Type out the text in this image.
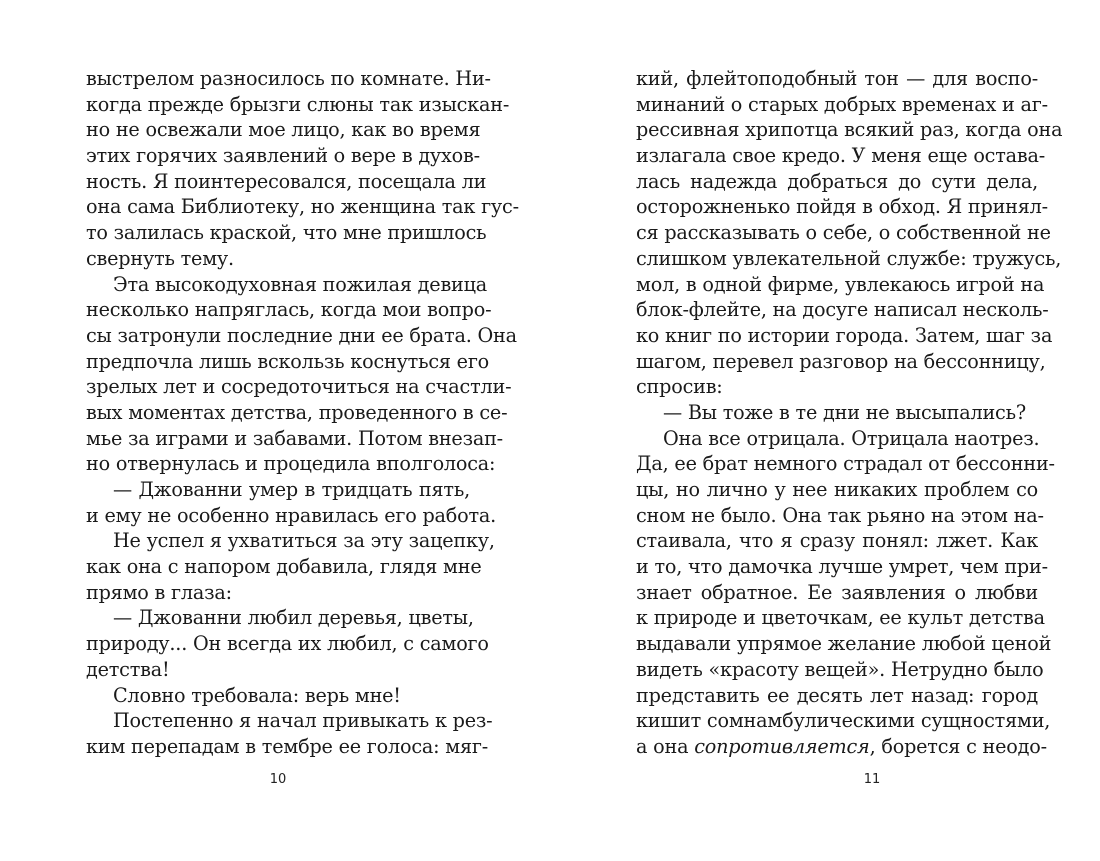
выстрелом разносилось по комнате. Ни-
когда прежде брызги слюны так изыскан-
но не освежали мое лицо, как во время
этих горячих заявлений о вере в духов-
ность. Я поинтересовался, посещала ли
она сама Библиотеку, но женщина так гус-
то залилась краской, что мне пришлось
свернуть тему.
Эта высокодуховная пожилая девица
несколько напряглась, когда мои вопро-
сы затронули последние дни ее брата. Она
предпочла лишь вскользь коснуться его
зрелых лет и сосредоточиться на счастли-
вых моментах детства, проведенного в се-
мье за играми и забавами. Потом внезап-
но отвернулась и процедила вполголоса:
— Джованни умер в тридцать пять,
и ему не особенно нравилась его работа.
Не успел я ухватиться за эту зацепку,
как она с напором добавила, глядя мне
прямо в глаза:
— Джованни любил деревья, цветы,
природу... Он всегда их любил, с самого
детства!
Словно требовала: верь мне!
Постепенно я начал привыкать к рез-
ким перепадам в тембре ее голоса: мяг-
10
кий, флейтоподобный тон — для воспо-
минаний о старых добрых временах и аг-
рессивная хрипотца всякий раз, когда она
излагала свое кредо. У меня еще остава-
лась надежда добраться до сути дела,
осторожненько пойдя в обход. Я принял-
ся рассказывать о себе, о собственной не
слишком увлекательной службе: тружусь,
мол, в одной фирме, увлекаюсь игрой на
блок-флейте, на досуге написал несколь-
ко книг по истории города. Затем, шаг за
шагом, перевел разговор на бессонницу,
спросив:
— Вы тоже в те дни не высыпались?
Она все отрицала. Отрицала наотрез.
Да, ее брат немного страдал от бессонни-
цы, но лично у нее никаких проблем со
сном не было. Она так рьяно на этом на-
стаивала, что я сразу понял: лжет. Как
и то, что дамочка лучше умрет, чем при-
знает обратное. Ее заявления о любви
к природе и цветочкам, ее культ детства
выдавали упрямое желание любой ценой
видеть «красоту вещей». Нетрудно было
представить ее десять лет назад: город
кишит сомнамбулическими сущностями,
а она сопротивляется, борется с неодо-
11
